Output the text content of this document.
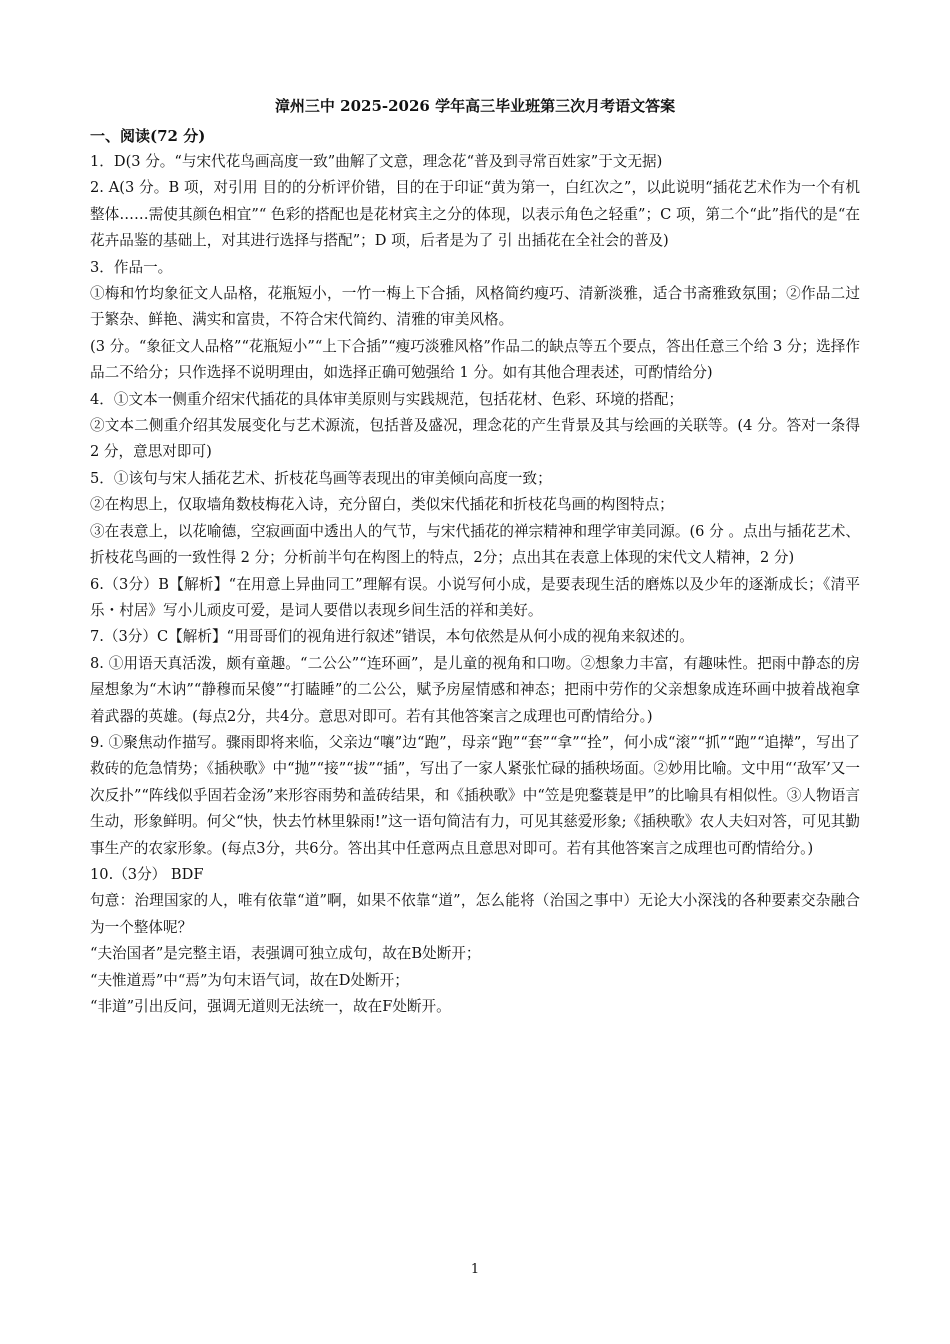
漳州三中 2025-2026 学年高三毕业班第三次月考语文答案

一、阅读(72 分)

1．D(3 分。“与宋代花鸟画高度一致”曲解了文意，理念花“普及到寻常百姓家”于文无据)

2. A(3 分。B 项，对引用 目的的分析评价错，目的在于印证“黄为第一，白红次之”，以此说明“插花艺术作为一个有机整体……需使其颜色相宜”“ 色彩的搭配也是花材宾主之分的体现，以表示角色之轻重”；C 项，第二个“此”指代的是“在花卉品鉴的基础上，对其进行选择与搭配”；D 项，后者是为了 引 出插花在全社会的普及)

3．作品一。

①梅和竹均象征文人品格，花瓶短小，一竹一梅上下合插，风格简约瘦巧、清新淡雅，适合书斋雅致氛围；②作品二过于繁杂、鲜艳、满实和富贵，不符合宋代简约、清雅的审美风格。

(3 分。“象征文人品格”“花瓶短小”“上下合插”“瘦巧淡雅风格”作品二的缺点等五个要点，答出任意三个给 3 分；选择作品二不给分；只作选择不说明理由，如选择正确可勉强给 1 分。如有其他合理表述，可酌情给分)

4．①文本一侧重介绍宋代插花的具体审美原则与实践规范，包括花材、色彩、环境的搭配；

②文本二侧重介绍其发展变化与艺术源流，包括普及盛况，理念花的产生背景及其与绘画的关联等。(4 分。答对一条得 2 分，意思对即可)

5．①该句与宋人插花艺术、折枝花鸟画等表现出的审美倾向高度一致；

②在构思上，仅取墙角数枝梅花入诗，充分留白，类似宋代插花和折枝花鸟画的构图特点；

③在表意上，以花喻德，空寂画面中透出人的气节，与宋代插花的禅宗精神和理学审美同源。(6 分 。点出与插花艺术、折枝花鸟画的一致性得 2 分；分析前半句在构图上的特点，2分；点出其在表意上体现的宋代文人精神，2 分)

6.（3分）B【解析】“在用意上异曲同工”理解有误。小说写何小成，是要表现生活的磨炼以及少年的逐渐成长；《清平乐・村居》写小儿顽皮可爱，是词人要借以表现乡间生活的祥和美好。

7.（3分）C【解析】“用哥哥们的视角进行叙述”错误，本句依然是从何小成的视角来叙述的。

8. ①用语天真活泼，颇有童趣。“二公公”“连环画”，是儿童的视角和口吻。②想象力丰富，有趣味性。把雨中静态的房屋想象为“木讷”“静穆而呆傻”“打瞌睡”的二公公，赋予房屋情感和神态；把雨中劳作的父亲想象成连环画中披着战袍拿着武器的英雄。(每点2分，共4分。意思对即可。若有其他答案言之成理也可酌情给分。)

9. ①聚焦动作描写。骤雨即将来临，父亲边“嚷”边“跑”，母亲“跑”“套”“拿”“拴”，何小成“滚”“抓”“跑”“追撵”，写出了救砖的危急情势；《插秧歌》中“抛”“接”“拔”“插”，写出了一家人紧张忙碌的插秧场面。②妙用比喻。文中用“‘敌军’又一次反扑”“阵线似乎固若金汤”来形容雨势和盖砖结果，和《插秧歌》中“笠是兜鍪蓑是甲”的比喻具有相似性。③人物语言生动，形象鲜明。何父“快，快去竹林里躲雨!”这一语句简洁有力，可见其慈爱形象;《插秧歌》农人夫妇对答，可见其勤事生产的农家形象。(每点3分，共6分。答出其中任意两点且意思对即可。若有其他答案言之成理也可酌情给分。)

10.（3分） BDF

句意：治理国家的人，唯有依靠“道”啊，如果不依靠“道”，怎么能将（治国之事中）无论大小深浅的各种要素交杂融合为一个整体呢？

“夫治国者”是完整主语，表强调可独立成句，故在B处断开；

“夫惟道焉”中“焉”为句末语气词，故在D处断开；

“非道”引出反问，强调无道则无法统一，故在F处断开。

1
